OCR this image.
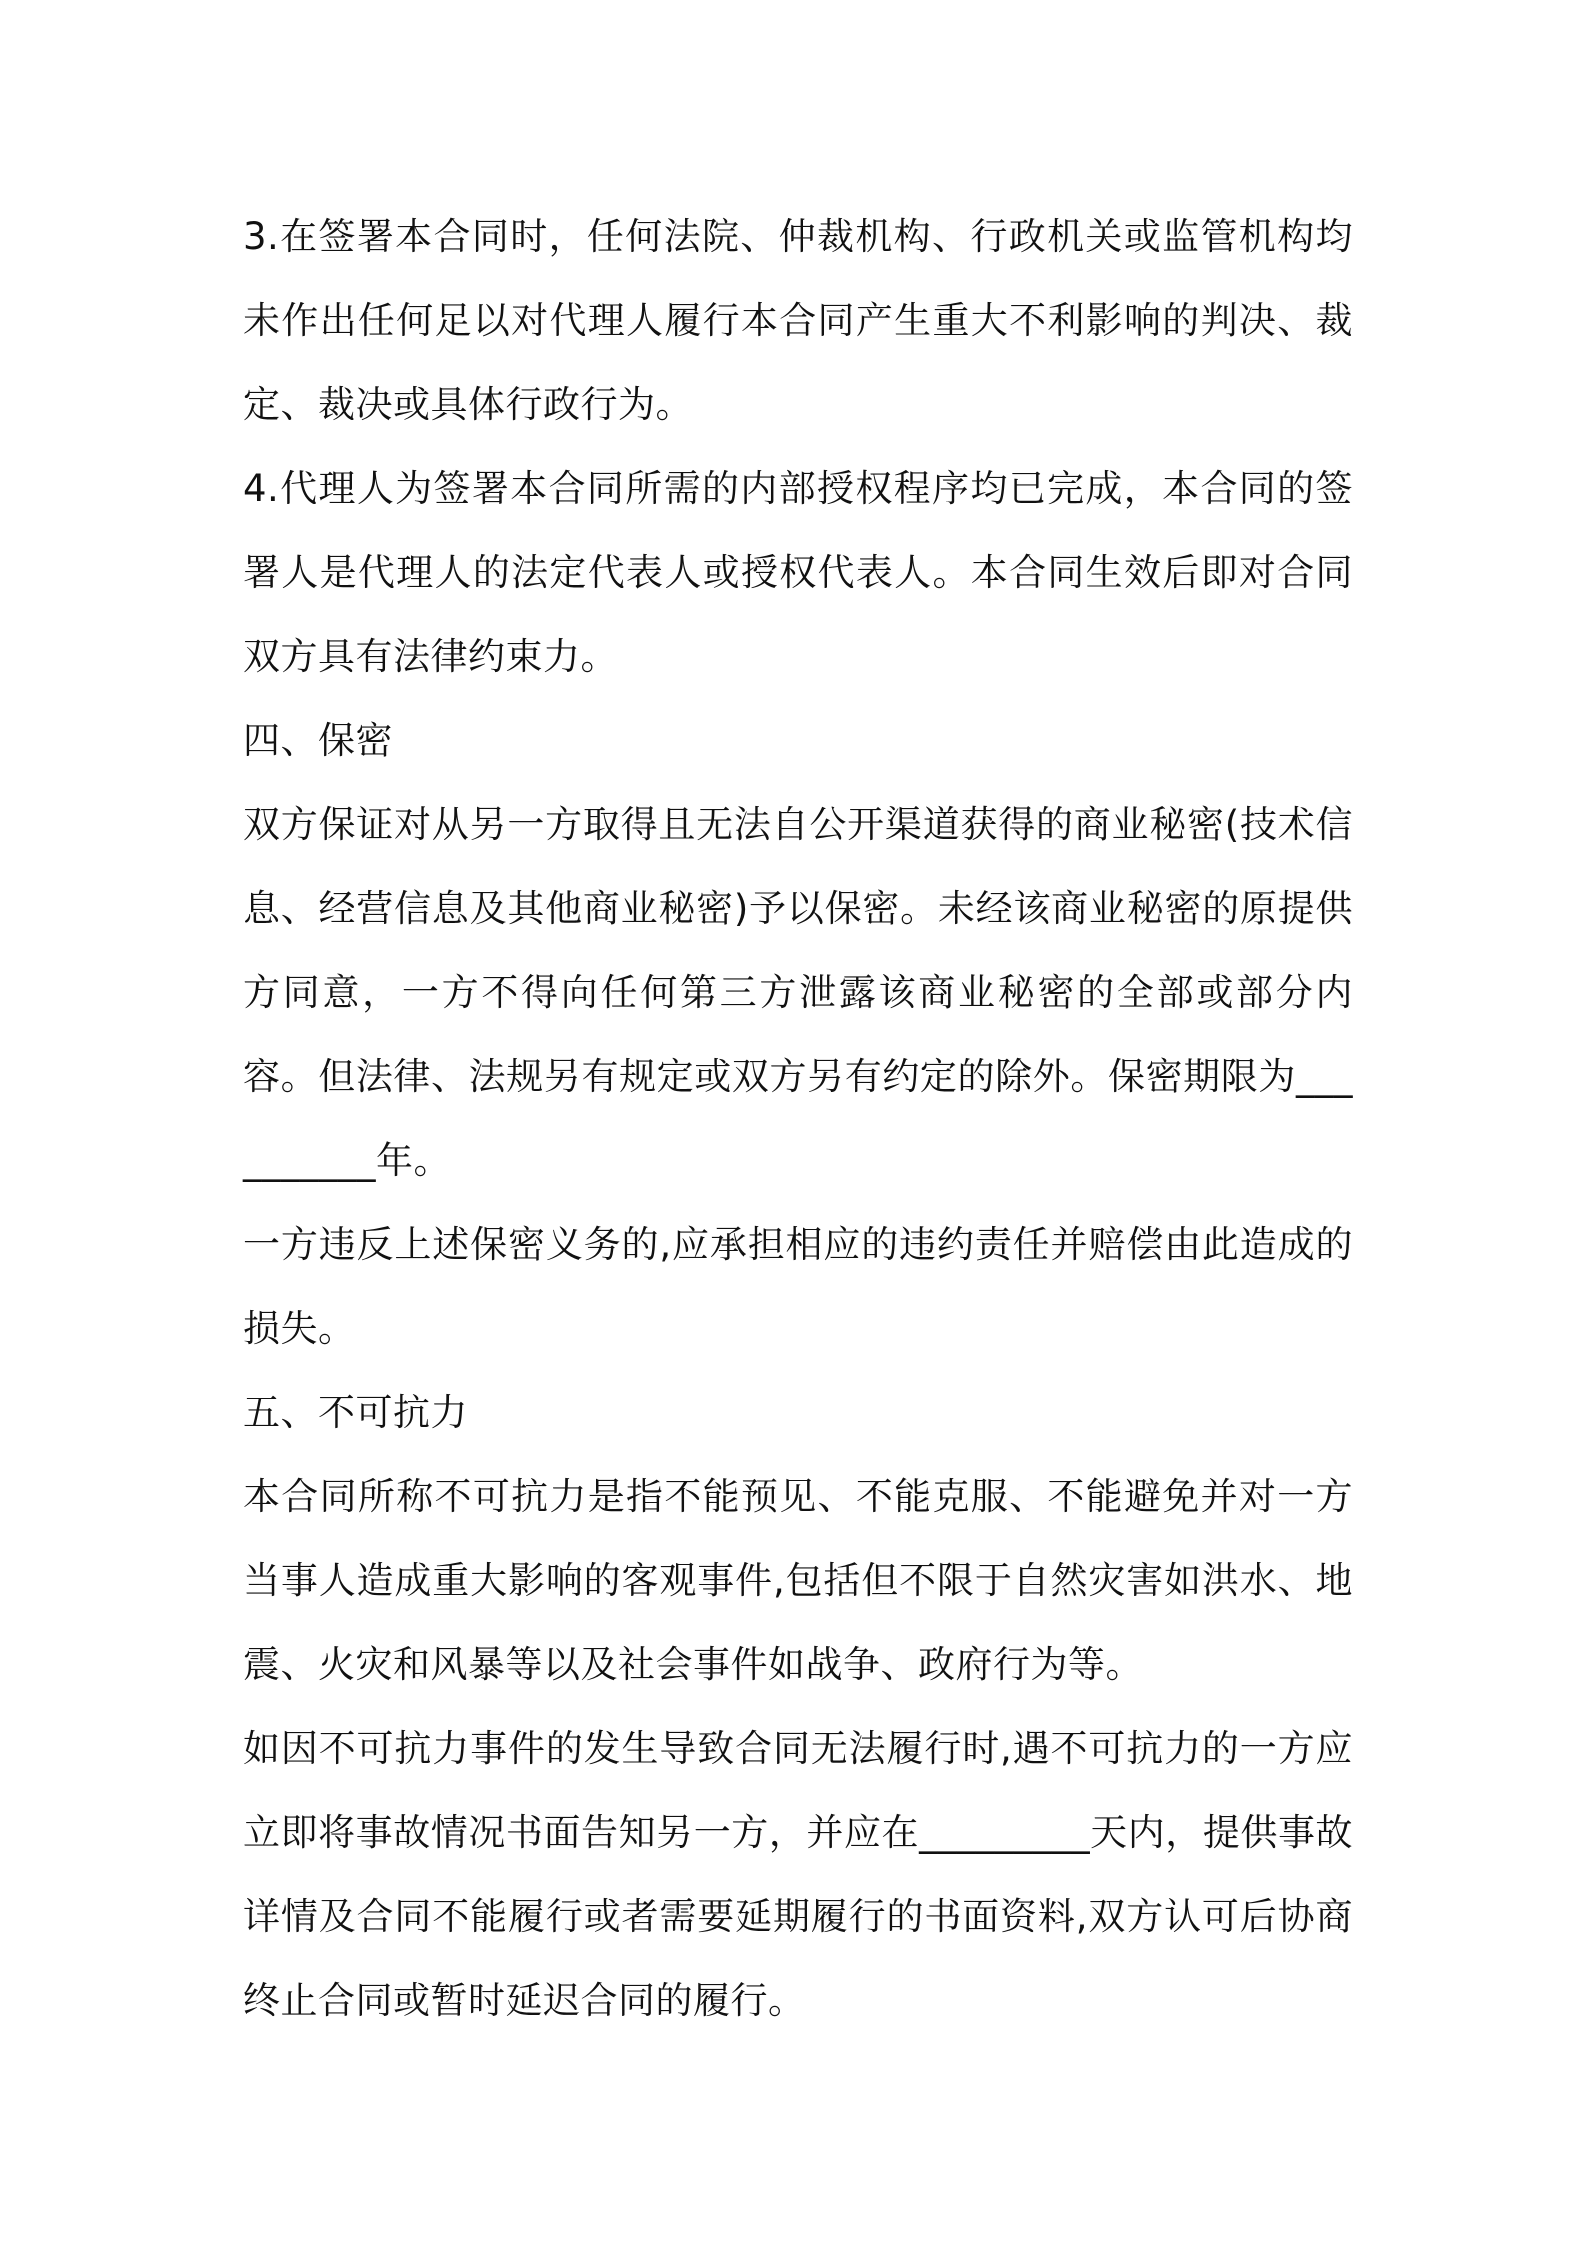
3.在签署本合同时，任何法院、仲裁机构、行政机关或监管机构均未作出任何足以对代理人履行本合同产生重大不利影响的判决、裁定、裁决或具体行政行为。

4.代理人为签署本合同所需的内部授权程序均已完成，本合同的签署人是代理人的法定代表人或授权代表人。本合同生效后即对合同双方具有法律约束力。

四、保密

双方保证对从另一方取得且无法自公开渠道获得的商业秘密(技术信息、经营信息及其他商业秘密)予以保密。未经该商业秘密的原提供方同意，一方不得向任何第三方泄露该商业秘密的全部或部分内容。但法律、法规另有规定或双方另有约定的除外。保密期限为__________年。

一方违反上述保密义务的,应承担相应的违约责任并赔偿由此造成的损失。

五、不可抗力

本合同所称不可抗力是指不能预见、不能克服、不能避免并对一方当事人造成重大影响的客观事件,包括但不限于自然灾害如洪水、地震、火灾和风暴等以及社会事件如战争、政府行为等。

如因不可抗力事件的发生导致合同无法履行时,遇不可抗力的一方应立即将事故情况书面告知另一方，并应在_________天内，提供事故详情及合同不能履行或者需要延期履行的书面资料,双方认可后协商终止合同或暂时延迟合同的履行。
